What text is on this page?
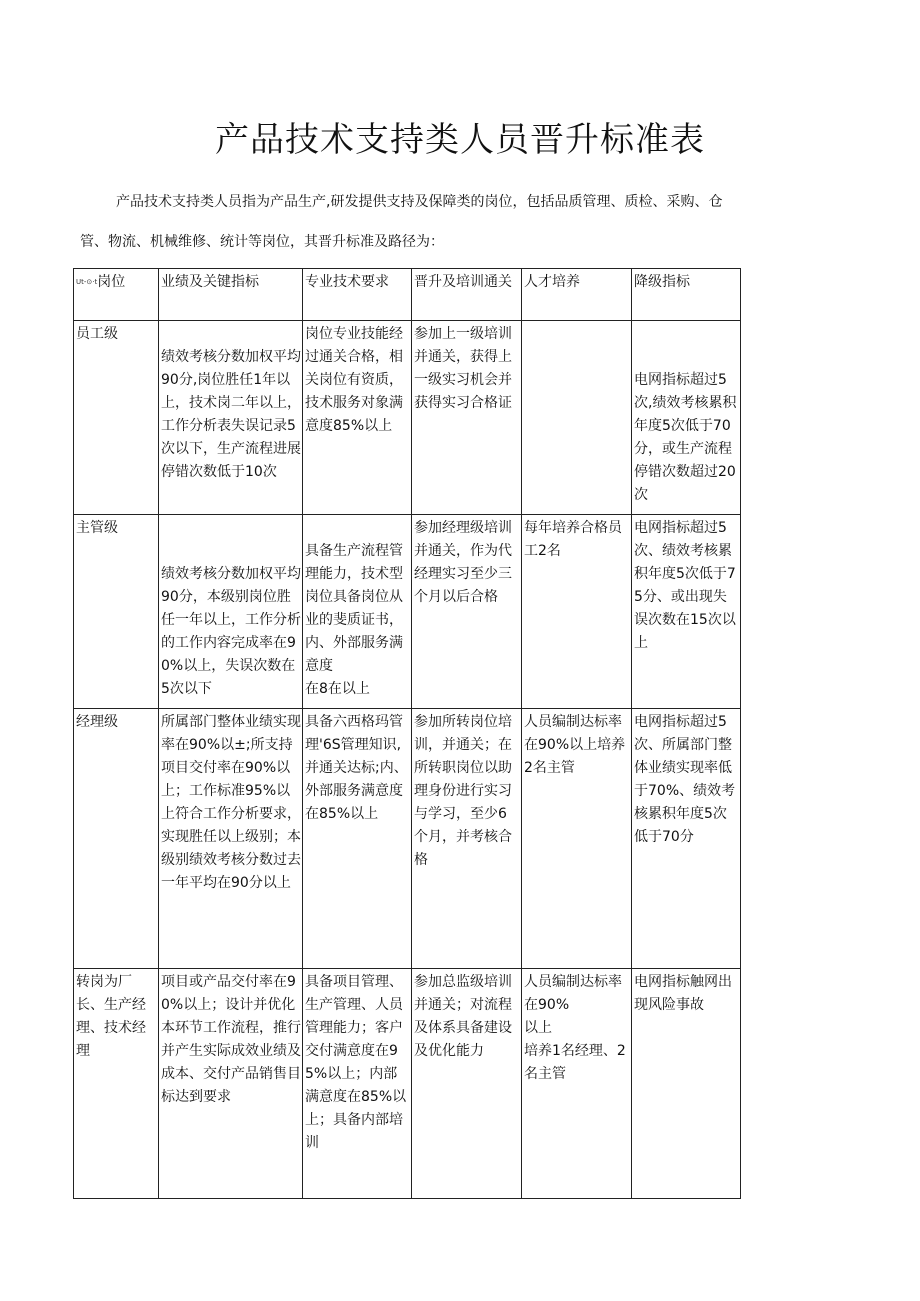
产品技术支持类人员晋升标准表

产品技术支持类人员指为产品生产,研发提供支持及保障类的岗位，包括品质管理、质检、采购、仓

管、物流、机械维修、统计等岗位，其晋升标准及路径为：

$^{Ut-⊙\cdot t}$岗位	业绩及关键指标	专业技术要求	晋升及培训通关	人才培养	降级指标
员工级	绩效考核分数加权平均90分,岗位胜任1年以上，技术岗二年以上，工作分析表失误记录5次以下，生产流程进展停错次数低于10次	岗位专业技能经过通关合格，相关岗位有资质，技术服务对象满意度85%以上	参加上一级培训并通关，获得上一级实习机会并获得实习合格证		电网指标超过5次,绩效考核累积年度5次低于70分，或生产流程停错次数超过20次
主管级	绩效考核分数加权平均90分，本级别岗位胜任一年以上，工作分析的工作内容完成率在90%以上，失误次数在5次以下	具备生产流程管理能力，技术型岗位具备岗位从业的斐质证书，内、外部服务满意度
在8在以上	参加经理级培训并通关，作为代经理实习至少三个月以后合格	每年培养合格员工2名	电网指标超过5次、绩效考核累积年度5次低于75分、或出现失误次数在15次以上
经理级	所属部门整体业绩实现率在90%以±;所支持项目交付率在90%以上；工作标准95%以上符合工作分析要求，实现胜任以上级别；本级别绩效考核分数过去一年平均在90分以上	具备六西格玛管理'6S管理知识,并通关达标;内、外部服务满意度在85%以上	参加所转岗位培训，并通关；在所转职岗位以助理身份进行实习与学习，至少6个月，并考核合格	人员编制达标率在90%以上培养2名主管	电网指标超过5次、所属部门整体业绩实现率低于70%、绩效考核累积年度5次低于70分
转岗为厂长、生产经理、技术经理	项目或产品交付率在90%以上；设计并优化本环节工作流程，推行并产生实际成效业绩及成本、交付产品销售目标达到要求	具备项目管理、生产管理、人员管理能力；客户交付满意度在95%以上；内部满意度在85%以上；具备内部培训	参加总监级培训并通关；对流程及体系具备建设及优化能力	人员编制达标率在90%
以上
培养1名经理、2名主管	电网指标触网出现风险事故
